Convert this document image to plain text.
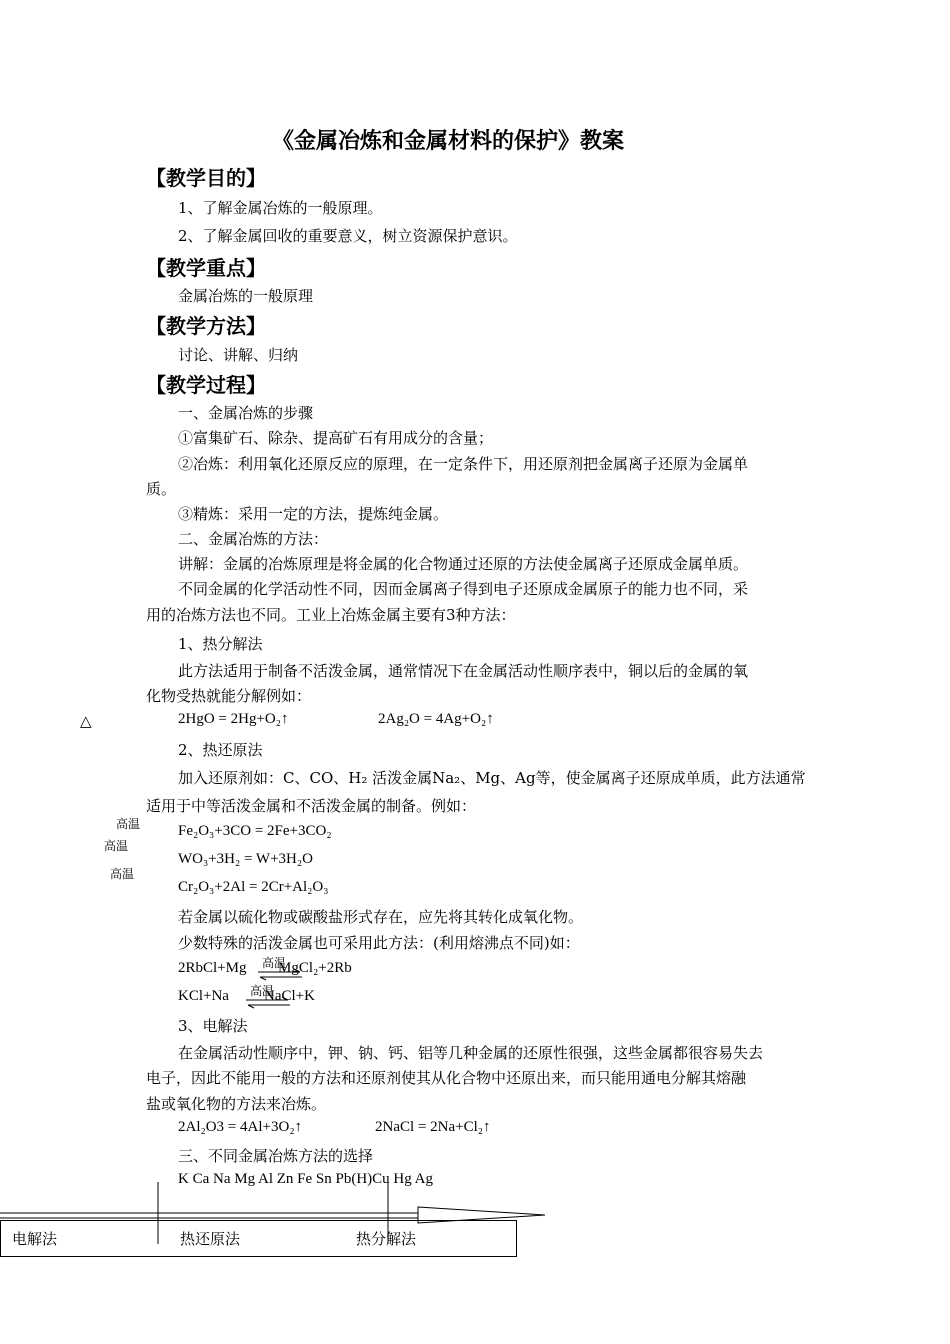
《金属冶炼和金属材料的保护》教案
【教学目的】
1、了解金属冶炼的一般原理。
2、了解金属回收的重要意义，树立资源保护意识。
【教学重点】
金属冶炼的一般原理
【教学方法】
讨论、讲解、归纳
【教学过程】
一、金属冶炼的步骤
①富集矿石、除杂、提高矿石有用成分的含量；
②冶炼：利用氧化还原反应的原理，在一定条件下，用还原剂把金属离子还原为金属单
质。
③精炼：采用一定的方法，提炼纯金属。
二、金属冶炼的方法：
讲解：金属的冶炼原理是将金属的化合物通过还原的方法使金属离子还原成金属单质。
不同金属的化学活动性不同，因而金属离子得到电子还原成金属原子的能力也不同，采
用的冶炼方法也不同。工业上冶炼金属主要有3种方法：
1、热分解法
此方法适用于制备不活泼金属，通常情况下在金属活动性顺序表中，铜以后的金属的氧
化物受热就能分解例如：
△	2HgO = 2Hg+O₂↑	2Ag₂O = 4Ag+O₂↑
2、热还原法
加入还原剂如：C、CO、H₂ 活泼金属Na₂、Mg、Ag等，使金属离子还原成单质，此方法通常
适用于中等活泼金属和不活泼金属的制备。例如：
高温
高温
高温
Fe₂O₃+3CO = 2Fe+3CO₂
WO₃+3H₂ = W+3H₂O
Cr₂O₃+2Al = 2Cr+Al₂O₃
若金属以硫化物或碳酸盐形式存在，应先将其转化成氧化物。
少数特殊的活泼金属也可采用此方法：(利用熔沸点不同)如：
2RbCl+Mg 高温
MgCl₂+2Rb
KCl+Na 高温
NaCl+K
3、电解法
在金属活动性顺序中，钾、钠、钙、铝等几种金属的还原性很强，这些金属都很容易失去
电子，因此不能用一般的方法和还原剂使其从化合物中还原出来，而只能用通电分解其熔融
盐或氧化物的方法来冶炼。
2Al₂O3 = 4Al+3O₂↑	2NaCl = 2Na+Cl₂↑
三、不同金属冶炼方法的选择
K Ca Na Mg Al Zn Fe Sn Pb(H)Cu Hg Ag
电解法	热还原法	热分解法
